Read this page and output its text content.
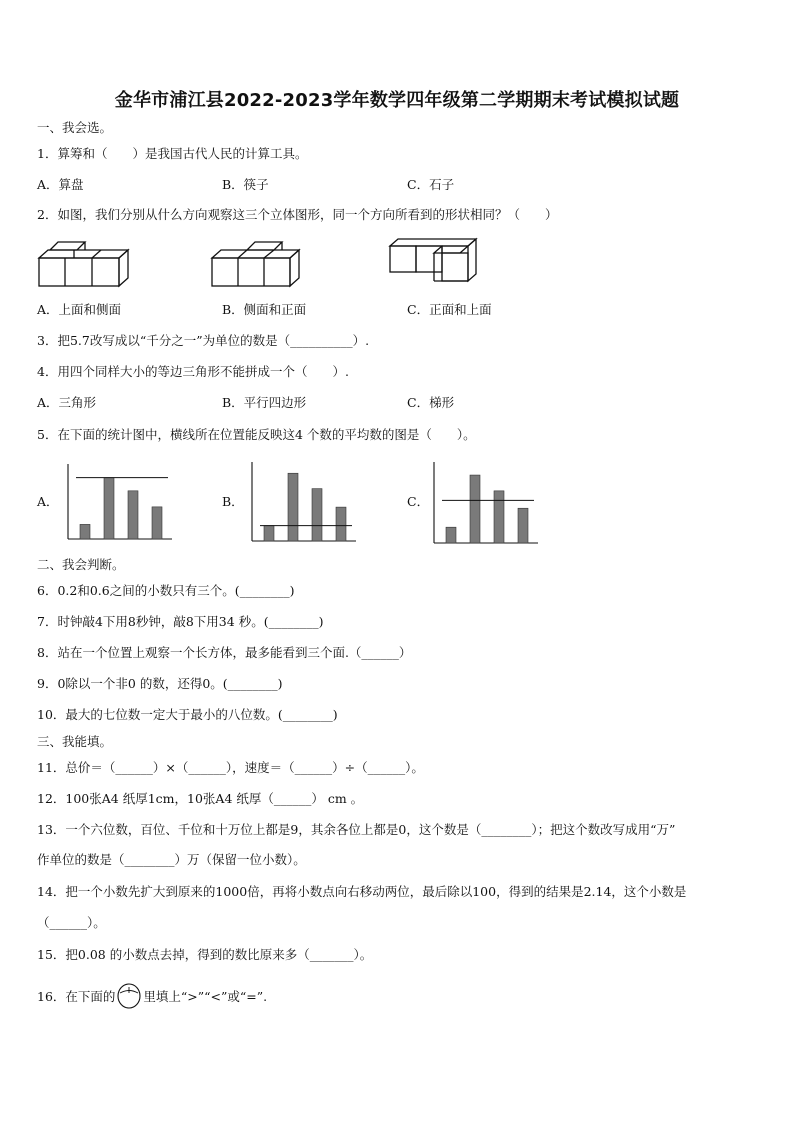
金华市浦江县2022-2023学年数学四年级第二学期期末考试模拟试题
一、我会选。
1．算筹和（　　）是我国古代人民的计算工具。
A．算盘	B．筷子	C．石子
2．如图，我们分别从什么方向观察这三个立体图形，同一个方向所看到的形状相同？（　　）
A．上面和侧面	B．侧面和正面	C．正面和上面
3．把5.7改写成以“千分之一”为单位的数是（__________）.
4．用四个同样大小的等边三角形不能拼成一个（　　）.
A．三角形	B．平行四边形	C．梯形
5．在下面的统计图中，横线所在位置能反映这4 个数的平均数的图是（　　）。
A．	B．	C．
二、我会判断。
6．0.2和0.6之间的小数只有三个。(________)
7．时钟敲4下用8秒钟，敲8下用34 秒。(________)
8．站在一个位置上观察一个长方体，最多能看到三个面.（______）
9．0除以一个非0 的数，还得0。(________)
10．最大的七位数一定大于最小的八位数。(________)
三、我能填。
11．总价＝（______）×（______），速度＝（______）÷（______）。
12．100张A4 纸厚1cm，10张A4 纸厚（______） cm 。
13．一个六位数，百位、千位和十万位上都是9，其余各位上都是0，这个数是（________）；把这个数改写成用“万”
作单位的数是（________）万（保留一位小数）。
14．把一个小数先扩大到原来的1000倍，再将小数点向右移动两位，最后除以100，得到的结果是2.14，这个小数是
（______）。
15．把0.08 的小数点去掉，得到的数比原来多（_______）。
16．在下面的 里填上“>”“<”或“=”.
